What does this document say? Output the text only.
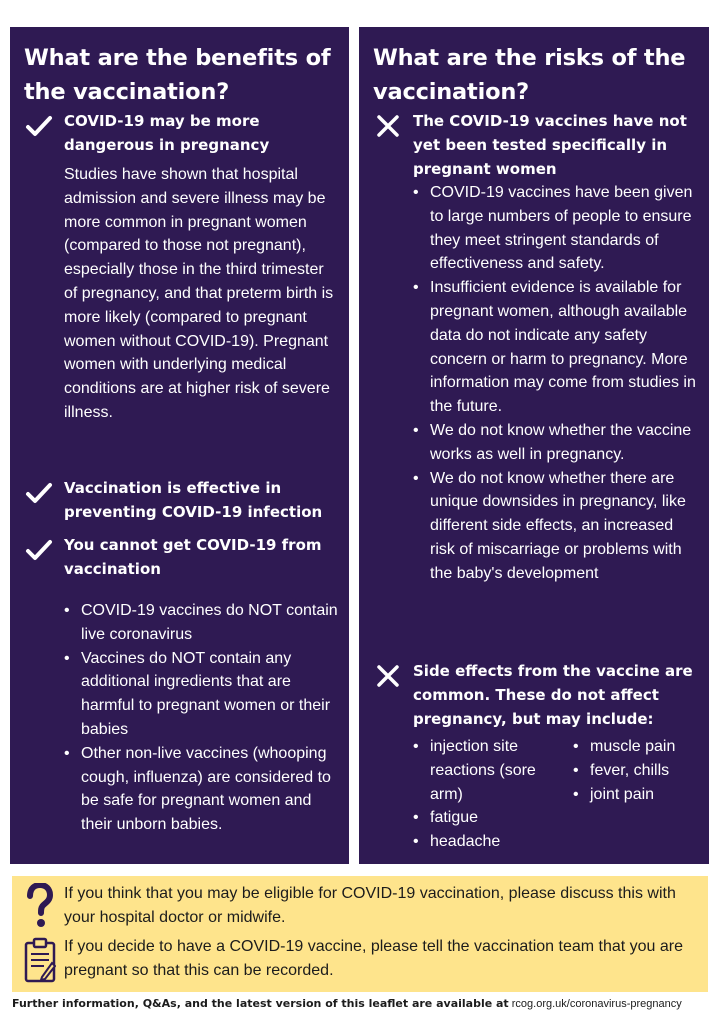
What are the benefits of the vaccination?
COVID-19 may be more dangerous in pregnancy
Studies have shown that hospital admission and severe illness may be more common in pregnant women (compared to those not pregnant), especially those in the third trimester of pregnancy, and that preterm birth is more likely (compared to pregnant women without COVID-19). Pregnant women with underlying medical conditions are at higher risk of severe illness.
Vaccination is effective in preventing COVID-19 infection
You cannot get COVID-19 from vaccination
• COVID-19 vaccines do NOT contain live coronavirus
• Vaccines do NOT contain any additional ingredients that are harmful to pregnant women or their babies
• Other non-live vaccines (whooping cough, influenza) are considered to be safe for pregnant women and their unborn babies.
What are the risks of the vaccination?
The COVID-19 vaccines have not yet been tested specifically in pregnant women
• COVID-19 vaccines have been given to large numbers of people to ensure they meet stringent standards of effectiveness and safety.
• Insufficient evidence is available for pregnant women, although available data do not indicate any safety concern or harm to pregnancy. More information may come from studies in the future.
• We do not know whether the vaccine works as well in pregnancy.
• We do not know whether there are unique downsides in pregnancy, like different side effects, an increased risk of miscarriage or problems with the baby's development
Side effects from the vaccine are common. These do not affect pregnancy, but may include:
• injection site reactions (sore arm)
• fatigue
• headache
• muscle pain
• fever, chills
• joint pain
If you think that you may be eligible for COVID-19 vaccination, please discuss this with your hospital doctor or midwife.
If you decide to have a COVID-19 vaccine, please tell the vaccination team that you are pregnant so that this can be recorded.
Further information, Q&As, and the latest version of this leaflet are available at rcog.org.uk/coronavirus-pregnancy
